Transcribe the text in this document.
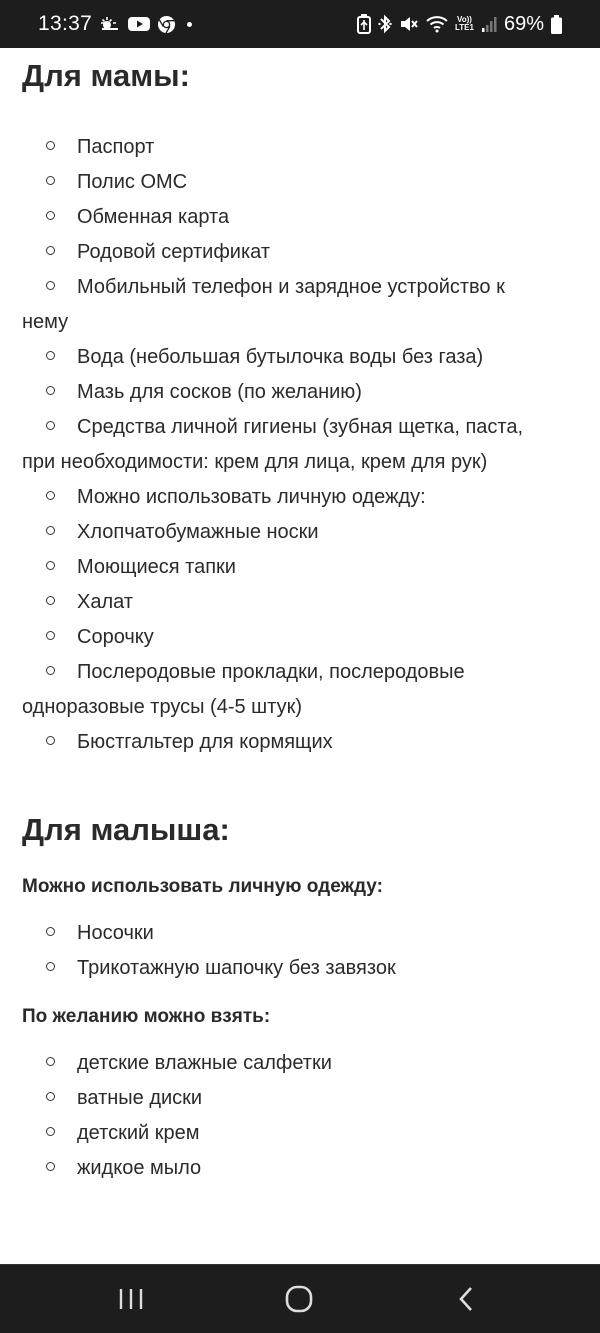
13:37	Vo))
LTE1 69%
Для мамы:
Паспорт
Полис ОМС
Обменная карта
Родовой сертификат
Мобильный телефон и зарядное устройство к
нему
Вода (небольшая бутылочка воды без газа)
Мазь для сосков (по желанию)
Средства личной гигиены (зубная щетка, паста,
при необходимости: крем для лица, крем для рук)
Можно использовать личную одежду:
Хлопчатобумажные носки
Моющиеся тапки
Халат
Сорочку
Послеродовые прокладки, послеродовые
одноразовые трусы (4-5 штук)
Бюстгальтер для кормящих
Для малыша:

Можно использовать личную одежду:

Носочки
Трикотажную шапочку без завязок

По желанию можно взять:

детские влажные салфетки
ватные диски
детский крем
жидкое мыло
